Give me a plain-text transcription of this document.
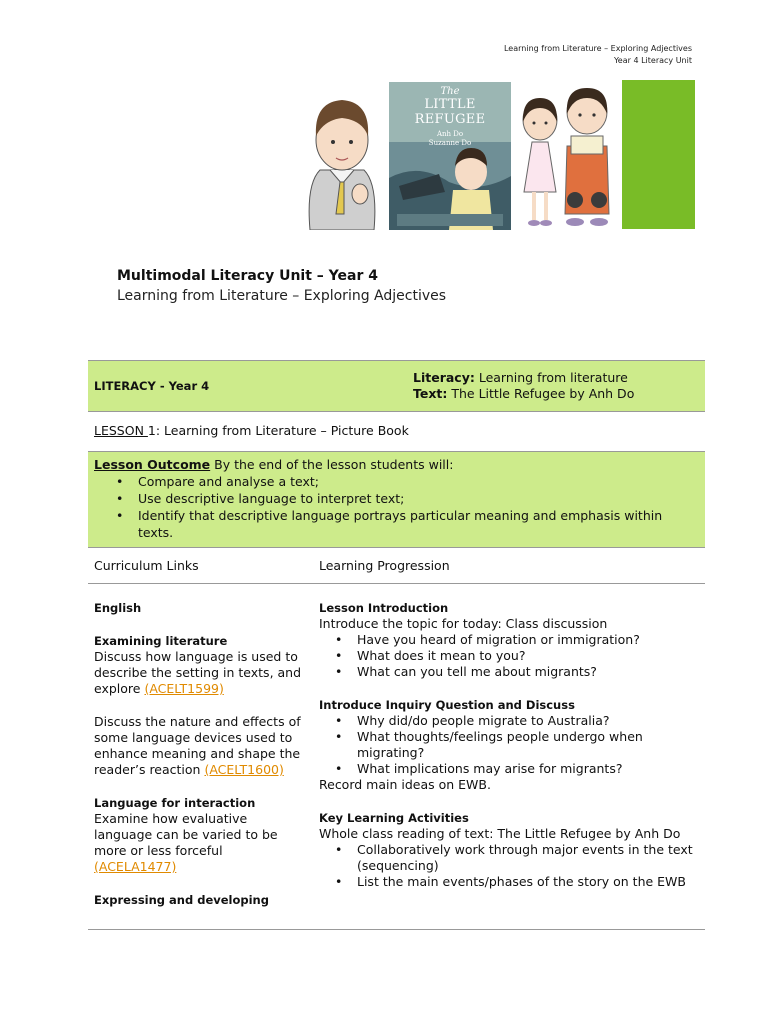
Learning from Literature – Exploring Adjectives
Year 4 Literacy Unit
The
LITTLE REFUGEE
Anh Do
Suzanne Do
Multimodal Literacy Unit – Year 4
Learning from Literature – Exploring Adjectives
LITERACY - Year 4
Literacy: Learning from literature
Text: The Little Refugee by Anh Do
LESSON 1: Learning from Literature – Picture Book
Lesson Outcome By the end of the lesson students will:
• Compare and analyse a text;
• Use descriptive language to interpret text;
• Identify that descriptive language portrays particular meaning and emphasis within texts.
Curriculum Links	Learning Progression
English
Examining literature
Discuss how language is used to describe the setting in texts, and explore (ACELT1599)
Discuss the nature and effects of some language devices used to enhance meaning and shape the reader’s reaction (ACELT1600)
Language for interaction
Examine how evaluative language can be varied to be more or less forceful (ACELA1477)
Expressing and developing
Lesson Introduction
Introduce the topic for today: Class discussion
• Have you heard of migration or immigration?
• What does it mean to you?
• What can you tell me about migrants?
Introduce Inquiry Question and Discuss
• Why did/do people migrate to Australia?
• What thoughts/feelings people undergo when migrating?
• What implications may arise for migrants?
Record main ideas on EWB.
Key Learning Activities
Whole class reading of text: The Little Refugee by Anh Do
• Collaboratively work through major events in the text (sequencing)
• List the main events/phases of the story on the EWB
